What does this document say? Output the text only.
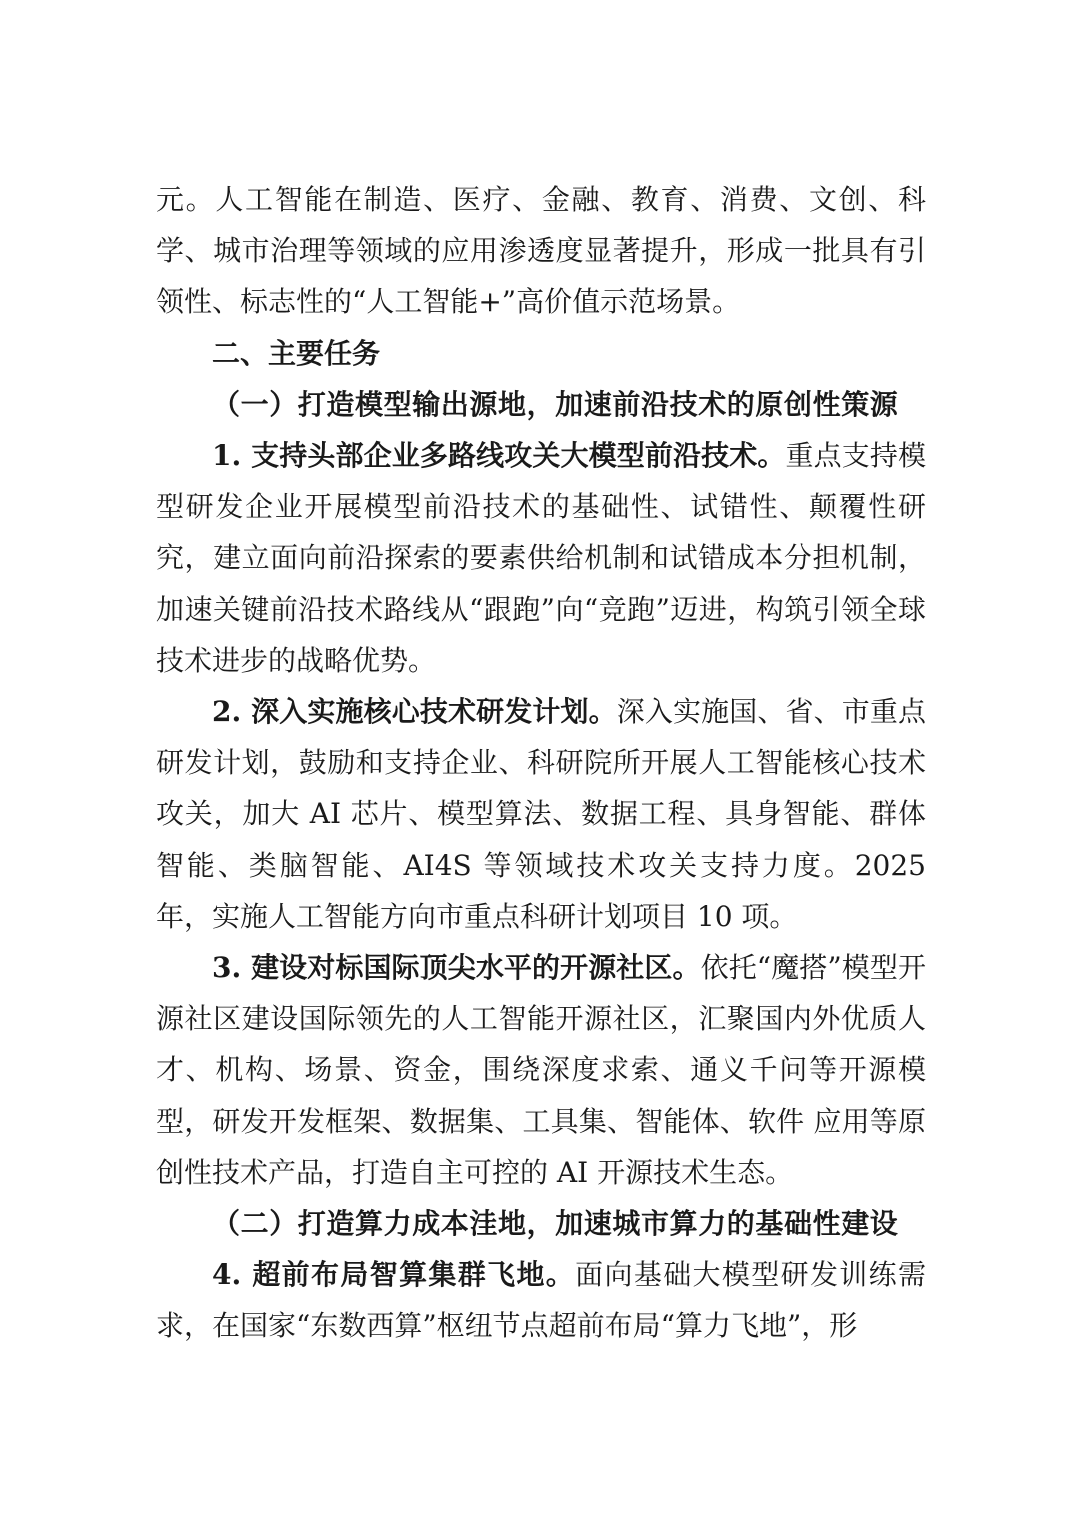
元。人工智能在制造、医疗、金融、教育、消费、文创、科学、城市治理等领域的应用渗透度显著提升，形成一批具有引领性、标志性的“人工智能+”高价值示范场景。

二、主要任务

（一）打造模型输出源地，加速前沿技术的原创性策源

1. 支持头部企业多路线攻关大模型前沿技术。重点支持模型研发企业开展模型前沿技术的基础性、试错性、颠覆性研究，建立面向前沿探索的要素供给机制和试错成本分担机制，加速关键前沿技术路线从“跟跑”向“竞跑”迈进，构筑引领全球技术进步的战略优势。

2. 深入实施核心技术研发计划。深入实施国、省、市重点研发计划，鼓励和支持企业、科研院所开展人工智能核心技术攻关，加大 AI 芯片、模型算法、数据工程、具身智能、群体智能、类脑智能、AI4S 等领域技术攻关支持力度。2025 年，实施人工智能方向市重点科研计划项目 10 项。

3. 建设对标国际顶尖水平的开源社区。依托“魔搭”模型开源社区建设国际领先的人工智能开源社区，汇聚国内外优质人才、机构、场景、资金，围绕深度求索、通义千问等开源模型，研发开发框架、数据集、工具集、智能体、软件 应用等原创性技术产品，打造自主可控的 AI 开源技术生态。

（二）打造算力成本洼地，加速城市算力的基础性建设

4. 超前布局智算集群飞地。面向基础大模型研发训练需求，在国家“东数西算”枢纽节点超前布局“算力飞地”，形
